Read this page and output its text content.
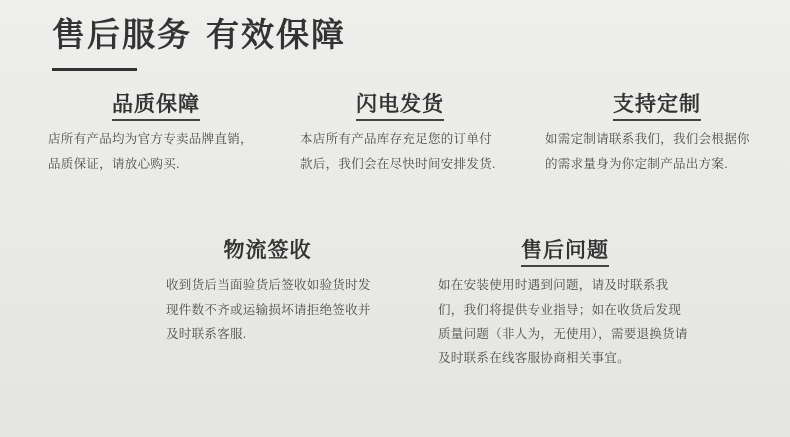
售后服务 有效保障
品质保障

店所有产品均为官方专卖品牌直销，品质保证，请放心购买.

闪电发货

本店所有产品库存充足您的订单付款后，我们会在尽快时间安排发货.

支持定制

如需定制请联系我们，我们会根据你的需求量身为你定制产品出方案.

物流签收

收到货后当面验货后签收如验货时发现件数不齐或运输损坏请拒绝签收并及时联系客服.

售后问题

如在安装使用时遇到问题，请及时联系我们，我们将提供专业指导；如在收货后发现质量问题（非人为，无使用），需要退换货请及时联系在线客服协商相关事宜。
